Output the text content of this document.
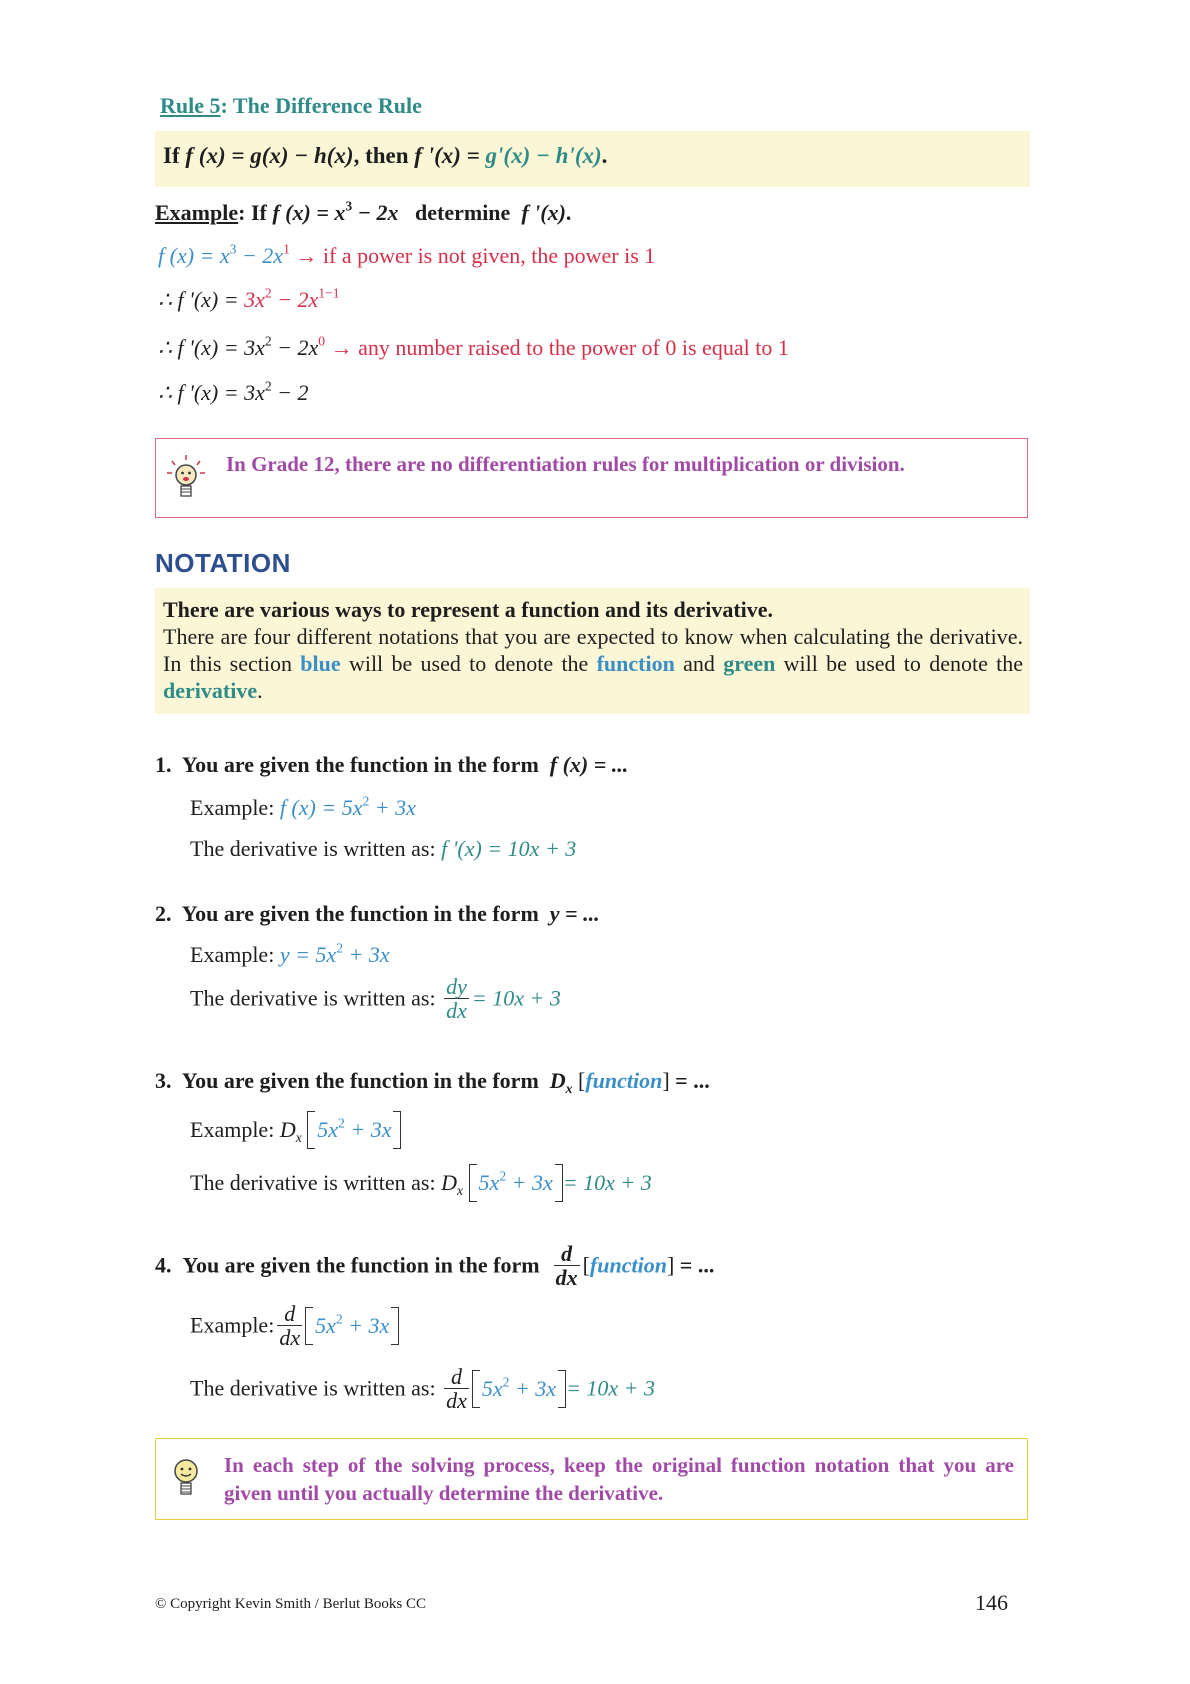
Rule 5: The Difference Rule
If f (x) = g(x) − h(x), then f '(x) = g'(x) − h'(x).
Example: If f $(x) = x^3 - 2x$ determine f '(x).
f $(x) = x^3 - 2x^1$ → if a power is not given, the power is 1
∴ f '$(x) = 3x^2 - 2x^{1-1}$
∴ f '$(x) = 3x^2 - 2x^0$ → any number raised to the power of 0 is equal to 1
∴ f '$(x) = 3x^2 - 2$
In Grade 12, there are no differentiation rules for multiplication or division.
NOTATION
There are various ways to represent a function and its derivative.
There are four different notations that you are expected to know when calculating the derivative. In this section blue will be used to denote the function and green will be used to denote the derivative.
1. You are given the function in the form f (x) = ...
Example: f $(x) = 5x^2 + 3x$
The derivative is written as: f '(x) = 10x + 3
2. You are given the function in the form y = ...
Example: $y = 5x^2 + 3x$
The derivative is written as: $\frac{dy}{dx} = 10x + 3$
3. You are given the function in the form $D_x$ [function] = ...
Example: $D_x$ $5x^2 + 3x$
The derivative is written as: $D_x$ $5x^2 + 3x = 10x + 3$
4. You are given the function in the form $\frac{d}{dx}$ [function] = ...
Example: $\frac{d}{dx} 5x^2 + 3x$
The derivative is written as: $\frac{d}{dx} 5x^2 + 3x = 10x + 3$
In each step of the solving process, keep the original function notation that you are given until you actually determine the derivative.
© Copyright Kevin Smith / Berlut Books CC	146
